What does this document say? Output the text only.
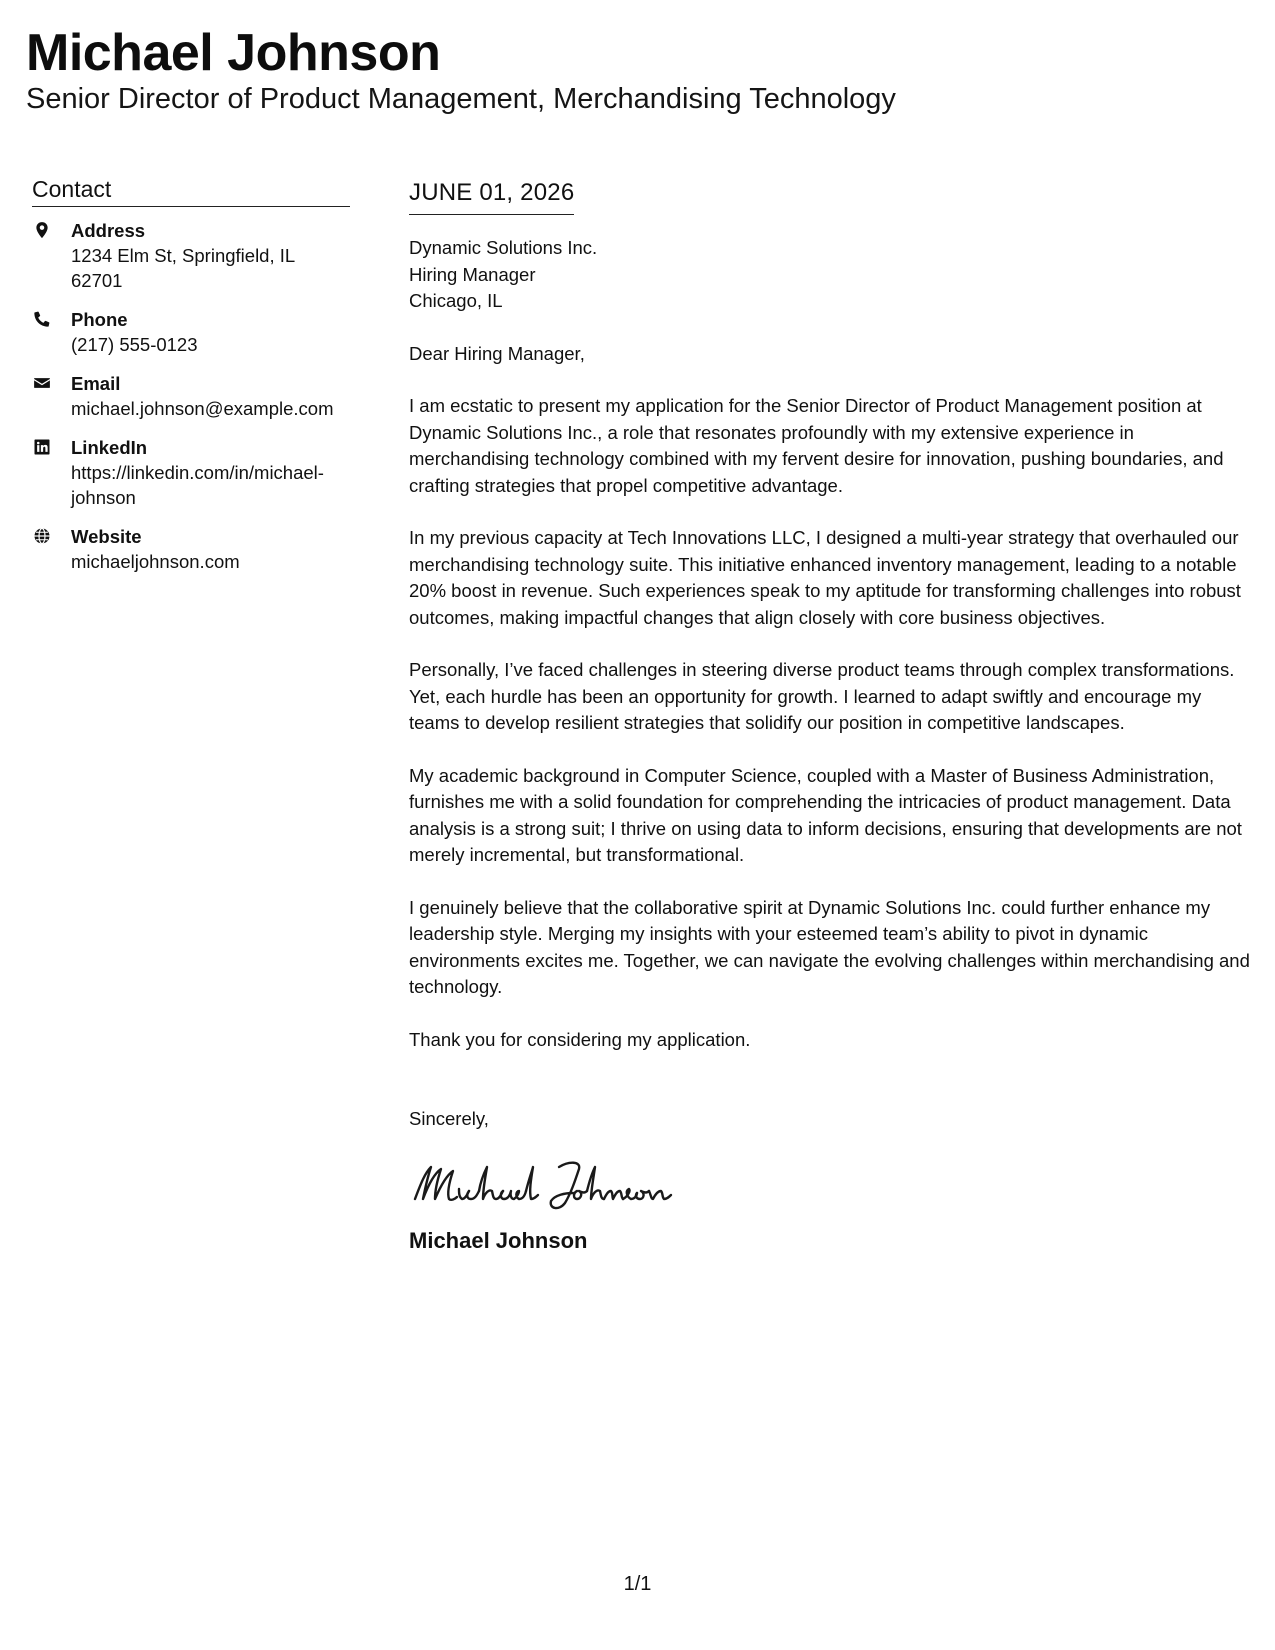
Michael Johnson
Senior Director of Product Management, Merchandising Technology
Contact
Address
1234 Elm St, Springfield, IL 62701
Phone
(217) 555-0123
Email
michael.johnson@example.com
LinkedIn
https://linkedin.com/in/michael-johnson
Website
michaeljohnson.com
JUNE 01, 2026
Dynamic Solutions Inc.
Hiring Manager
Chicago, IL
Dear Hiring Manager,
I am ecstatic to present my application for the Senior Director of Product Management position at Dynamic Solutions Inc., a role that resonates profoundly with my extensive experience in merchandising technology combined with my fervent desire for innovation, pushing boundaries, and crafting strategies that propel competitive advantage.
In my previous capacity at Tech Innovations LLC, I designed a multi-year strategy that overhauled our merchandising technology suite. This initiative enhanced inventory management, leading to a notable 20% boost in revenue. Such experiences speak to my aptitude for transforming challenges into robust outcomes, making impactful changes that align closely with core business objectives.
Personally, I’ve faced challenges in steering diverse product teams through complex transformations. Yet, each hurdle has been an opportunity for growth. I learned to adapt swiftly and encourage my teams to develop resilient strategies that solidify our position in competitive landscapes.
My academic background in Computer Science, coupled with a Master of Business Administration, furnishes me with a solid foundation for comprehending the intricacies of product management. Data analysis is a strong suit; I thrive on using data to inform decisions, ensuring that developments are not merely incremental, but transformational.
I genuinely believe that the collaborative spirit at Dynamic Solutions Inc. could further enhance my leadership style. Merging my insights with your esteemed team’s ability to pivot in dynamic environments excites me. Together, we can navigate the evolving challenges within merchandising and technology.
Thank you for considering my application.
Sincerely,
Michael Johnson
1/1
